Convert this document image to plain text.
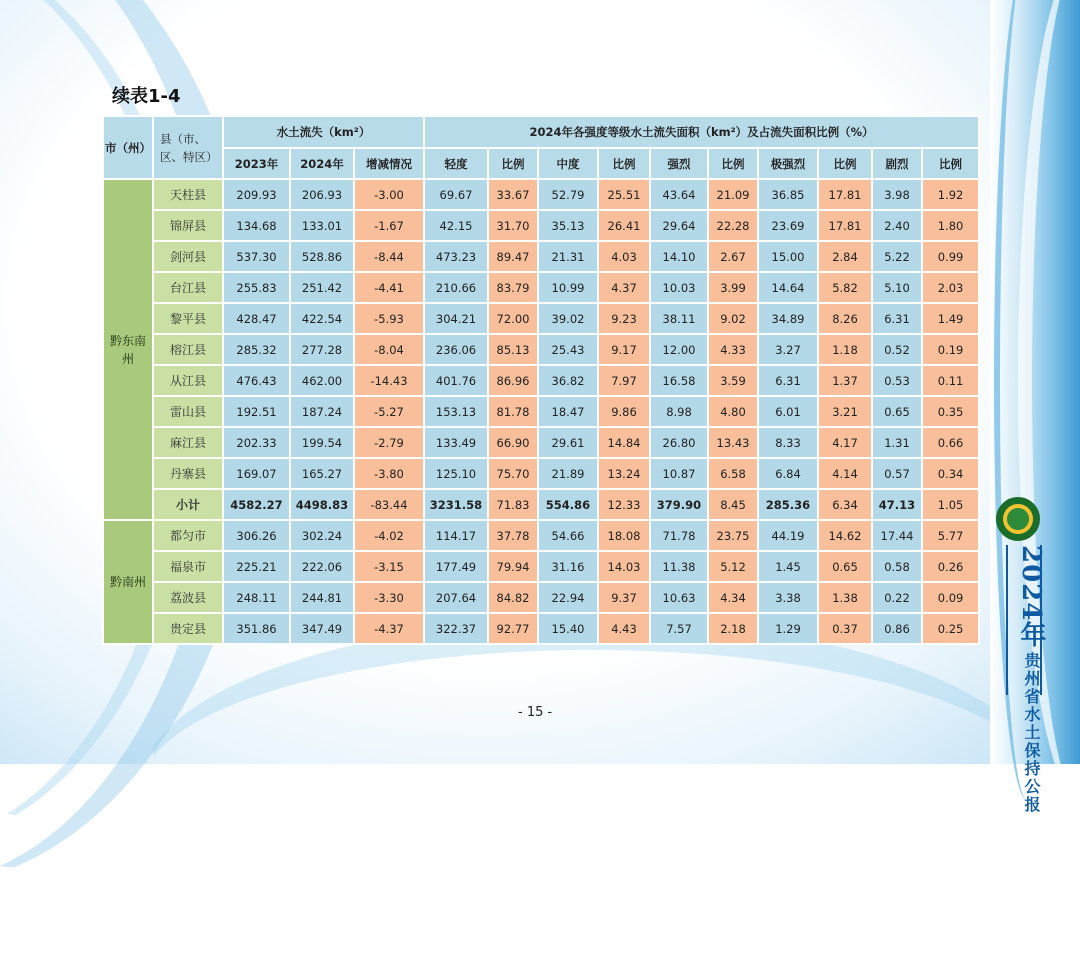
2024年贵州省水土保持公报
续表1-4
市（州）	县（市、区、特区）	水土流失（km²）			2024年各强度等级水土流失面积（km²）及占流失面积比例（%）									
		2023年	2024年	增减情况	轻度	比例	中度	比例	强烈	比例	极强烈	比例	剧烈	比例
黔东南州	天柱县	209.93	206.93	-3.00	69.67	33.67	52.79	25.51	43.64	21.09	36.85	17.81	3.98	1.92
	锦屏县	134.68	133.01	-1.67	42.15	31.70	35.13	26.41	29.64	22.28	23.69	17.81	2.40	1.80
	剑河县	537.30	528.86	-8.44	473.23	89.47	21.31	4.03	14.10	2.67	15.00	2.84	5.22	0.99
	台江县	255.83	251.42	-4.41	210.66	83.79	10.99	4.37	10.03	3.99	14.64	5.82	5.10	2.03
	黎平县	428.47	422.54	-5.93	304.21	72.00	39.02	9.23	38.11	9.02	34.89	8.26	6.31	1.49
	榕江县	285.32	277.28	-8.04	236.06	85.13	25.43	9.17	12.00	4.33	3.27	1.18	0.52	0.19
	从江县	476.43	462.00	-14.43	401.76	86.96	36.82	7.97	16.58	3.59	6.31	1.37	0.53	0.11
	雷山县	192.51	187.24	-5.27	153.13	81.78	18.47	9.86	8.98	4.80	6.01	3.21	0.65	0.35
	麻江县	202.33	199.54	-2.79	133.49	66.90	29.61	14.84	26.80	13.43	8.33	4.17	1.31	0.66
	丹寨县	169.07	165.27	-3.80	125.10	75.70	21.89	13.24	10.87	6.58	6.84	4.14	0.57	0.34
	小计	4582.27	4498.83	-83.44	3231.58	71.83	554.86	12.33	379.90	8.45	285.36	6.34	47.13	1.05
黔南州	都匀市	306.26	302.24	-4.02	114.17	37.78	54.66	18.08	71.78	23.75	44.19	14.62	17.44	5.77
	福泉市	225.21	222.06	-3.15	177.49	79.94	31.16	14.03	11.38	5.12	1.45	0.65	0.58	0.26
	荔波县	248.11	244.81	-3.30	207.64	84.82	22.94	9.37	10.63	4.34	3.38	1.38	0.22	0.09
	贵定县	351.86	347.49	-4.37	322.37	92.77	15.40	4.43	7.57	2.18	1.29	0.37	0.86	0.25
- 15 -
